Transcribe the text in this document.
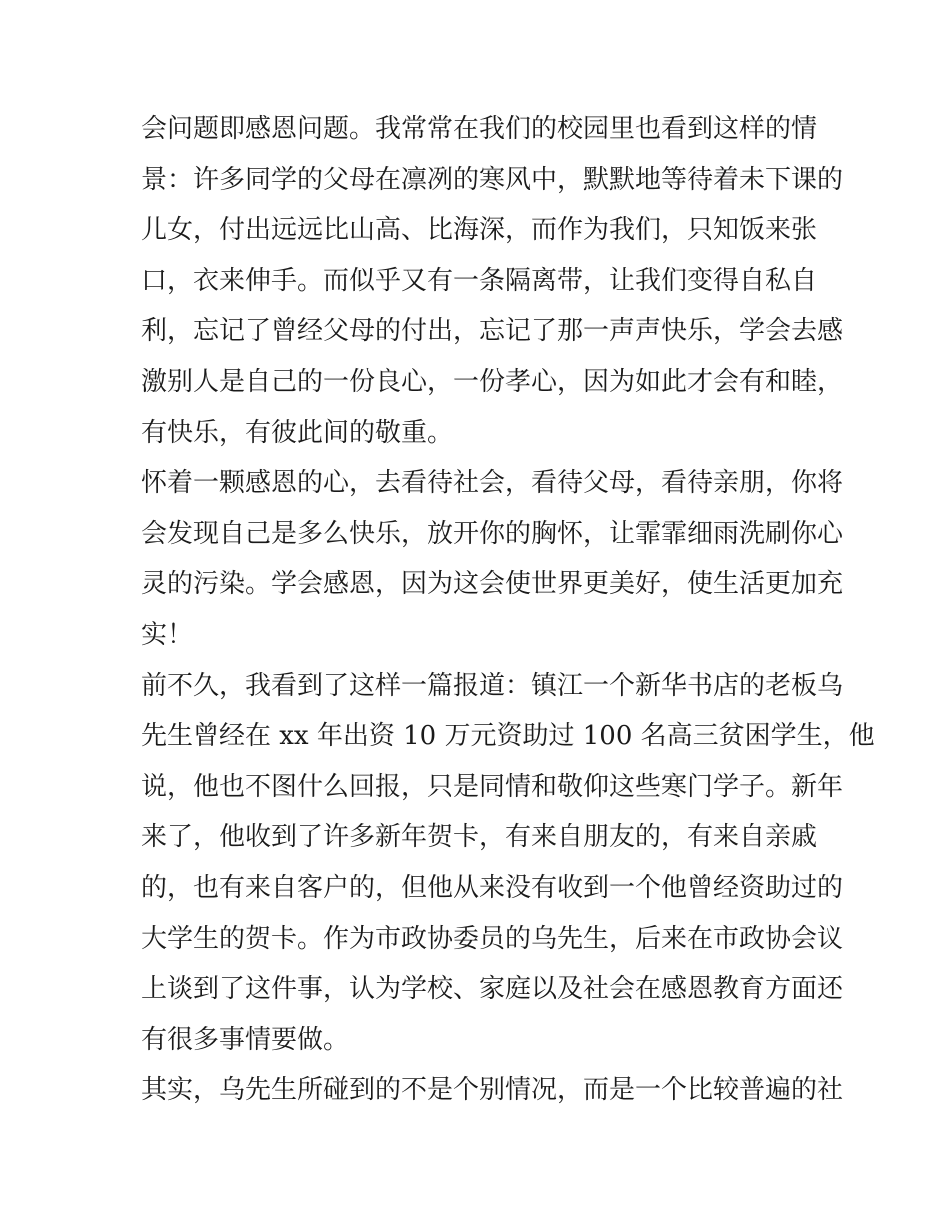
会问题即感恩问题。我常常在我们的校园里也看到这样的情
景：许多同学的父母在凛冽的寒风中，默默地等待着未下课的
儿女，付出远远比山高、比海深，而作为我们，只知饭来张
口，衣来伸手。而似乎又有一条隔离带，让我们变得自私自
利，忘记了曾经父母的付出，忘记了那一声声快乐，学会去感
激别人是自己的一份良心，一份孝心，因为如此才会有和睦，
有快乐，有彼此间的敬重。
怀着一颗感恩的心，去看待社会，看待父母，看待亲朋，你将
会发现自己是多么快乐，放开你的胸怀，让霏霏细雨洗刷你心
灵的污染。学会感恩，因为这会使世界更美好，使生活更加充
实！
前不久，我看到了这样一篇报道：镇江一个新华书店的老板乌
先生曾经在 xx 年出资 10 万元资助过 100 名高三贫困学生，他
说，他也不图什么回报，只是同情和敬仰这些寒门学子。新年
来了，他收到了许多新年贺卡，有来自朋友的，有来自亲戚
的，也有来自客户的，但他从来没有收到一个他曾经资助过的
大学生的贺卡。作为市政协委员的乌先生，后来在市政协会议
上谈到了这件事，认为学校、家庭以及社会在感恩教育方面还
有很多事情要做。
其实，乌先生所碰到的不是个别情况，而是一个比较普遍的社
